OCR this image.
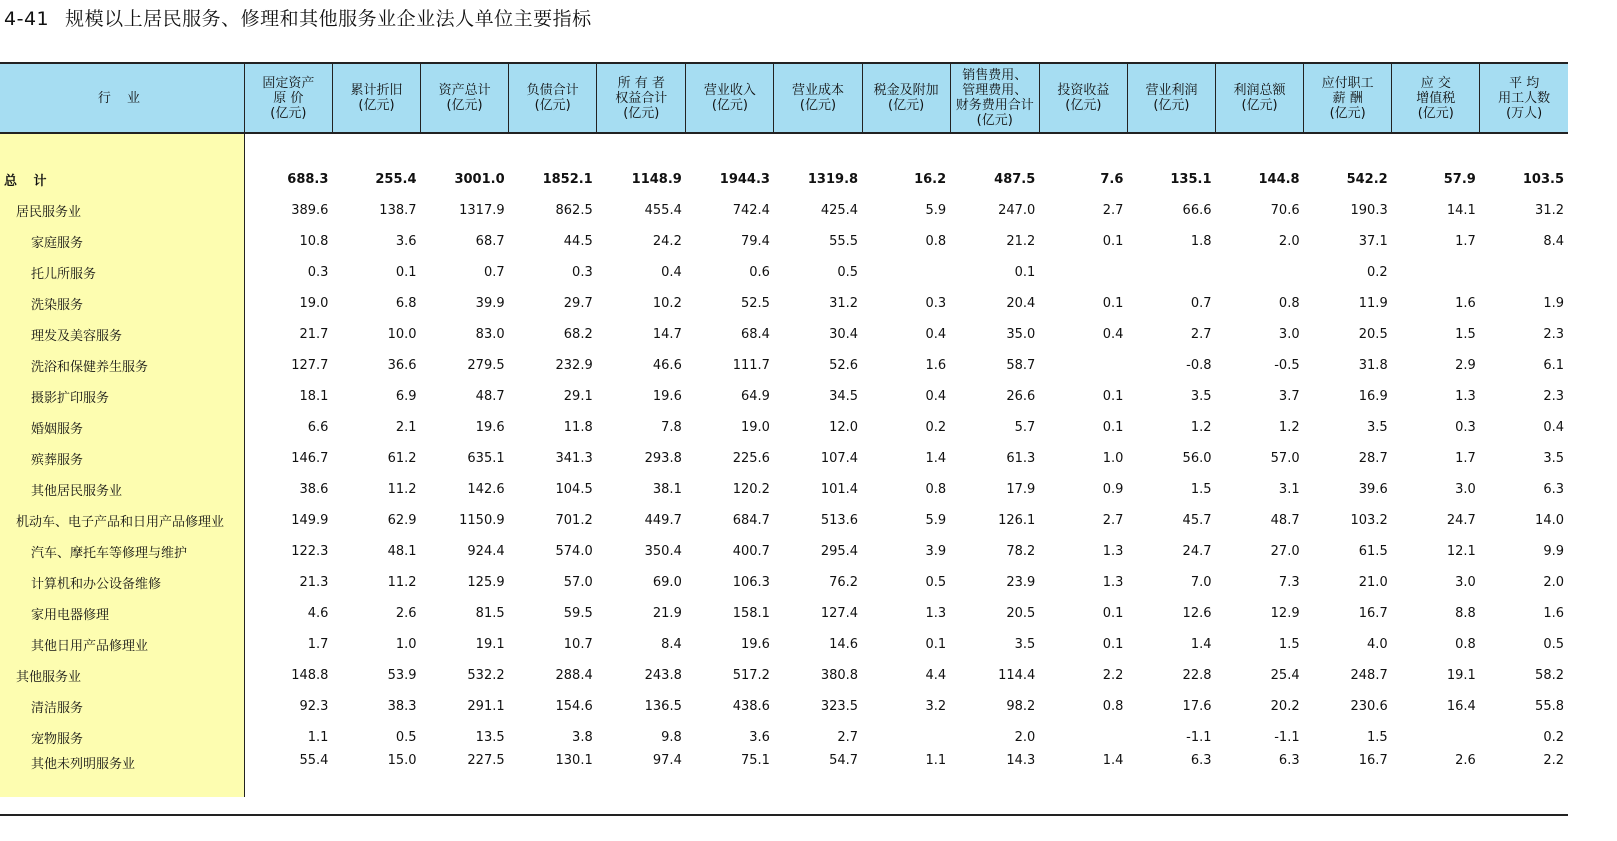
4-41 规模以上居民服务、修理和其他服务业企业法人单位主要指标
行 业	固定资产
原 价
(亿元)	累计折旧
(亿元)	资产总计
(亿元)	负债合计
(亿元)	所 有 者
权益合计
(亿元)	营业收入
(亿元)	营业成本
(亿元)	税金及附加
(亿元)	销售费用、
管理费用、
财务费用合计
(亿元)	投资收益
(亿元)	营业利润
(亿元)	利润总额
(亿元)	应付职工
薪 酬
(亿元)	应 交
增值税
(亿元)	平 均
用工人数
(万人)

总 计	688.3	255.4	3001.0	1852.1	1148.9	1944.3	1319.8	16.2	487.5	7.6	135.1	144.8	542.2	57.9	103.5
居民服务业	389.6	138.7	1317.9	862.5	455.4	742.4	425.4	5.9	247.0	2.7	66.6	70.6	190.3	14.1	31.2
家庭服务	10.8	3.6	68.7	44.5	24.2	79.4	55.5	0.8	21.2	0.1	1.8	2.0	37.1	1.7	8.4
托儿所服务	0.3	0.1	0.7	0.3	0.4	0.6	0.5		0.1				0.2		
洗染服务	19.0	6.8	39.9	29.7	10.2	52.5	31.2	0.3	20.4	0.1	0.7	0.8	11.9	1.6	1.9
理发及美容服务	21.7	10.0	83.0	68.2	14.7	68.4	30.4	0.4	35.0	0.4	2.7	3.0	20.5	1.5	2.3
洗浴和保健养生服务	127.7	36.6	279.5	232.9	46.6	111.7	52.6	1.6	58.7		-0.8	-0.5	31.8	2.9	6.1
摄影扩印服务	18.1	6.9	48.7	29.1	19.6	64.9	34.5	0.4	26.6	0.1	3.5	3.7	16.9	1.3	2.3
婚姻服务	6.6	2.1	19.6	11.8	7.8	19.0	12.0	0.2	5.7	0.1	1.2	1.2	3.5	0.3	0.4
殡葬服务	146.7	61.2	635.1	341.3	293.8	225.6	107.4	1.4	61.3	1.0	56.0	57.0	28.7	1.7	3.5
其他居民服务业	38.6	11.2	142.6	104.5	38.1	120.2	101.4	0.8	17.9	0.9	1.5	3.1	39.6	3.0	6.3
机动车、电子产品和日用产品修理业	149.9	62.9	1150.9	701.2	449.7	684.7	513.6	5.9	126.1	2.7	45.7	48.7	103.2	24.7	14.0
汽车、摩托车等修理与维护	122.3	48.1	924.4	574.0	350.4	400.7	295.4	3.9	78.2	1.3	24.7	27.0	61.5	12.1	9.9
计算机和办公设备维修	21.3	11.2	125.9	57.0	69.0	106.3	76.2	0.5	23.9	1.3	7.0	7.3	21.0	3.0	2.0
家用电器修理	4.6	2.6	81.5	59.5	21.9	158.1	127.4	1.3	20.5	0.1	12.6	12.9	16.7	8.8	1.6
其他日用产品修理业	1.7	1.0	19.1	10.7	8.4	19.6	14.6	0.1	3.5	0.1	1.4	1.5	4.0	0.8	0.5
其他服务业	148.8	53.9	532.2	288.4	243.8	517.2	380.8	4.4	114.4	2.2	22.8	25.4	248.7	19.1	58.2
清洁服务	92.3	38.3	291.1	154.6	136.5	438.6	323.5	3.2	98.2	0.8	17.6	20.2	230.6	16.4	55.8
宠物服务	1.1	0.5	13.5	3.8	9.8	3.6	2.7		2.0		-1.1	-1.1	1.5		0.2
其他未列明服务业	55.4	15.0	227.5	130.1	97.4	75.1	54.7	1.1	14.3	1.4	6.3	6.3	16.7	2.6	2.2
